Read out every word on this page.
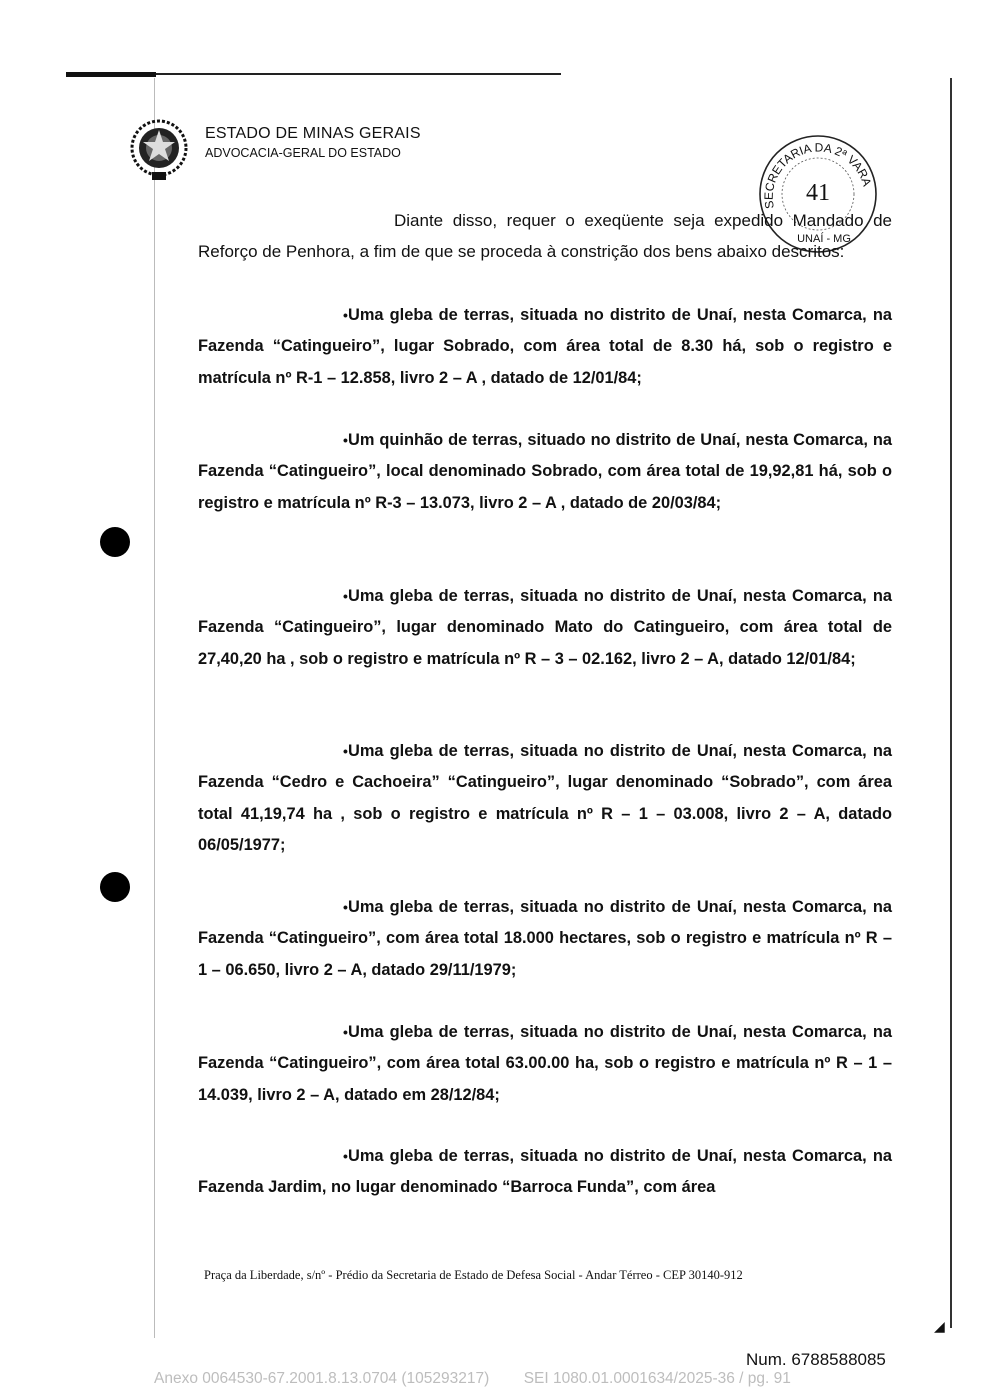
ESTADO DE MINAS GERAIS
ADVOCACIA-GERAL DO ESTADO
SECRETARIA DA 2ª VARA
41
UNAÍ - MG
Diante disso, requer o exeqüente seja expedido Mandado de Reforço de Penhora, a fim de que se proceda à constrição dos bens abaixo descritos:
•Uma gleba de terras, situada no distrito de Unaí, nesta Comarca, na Fazenda “Catingueiro”, lugar Sobrado, com área total de 8.30 há, sob o registro e matrícula nº R-1 – 12.858, livro 2 – A , datado de 12/01/84;
•Um quinhão de terras, situado no distrito de Unaí, nesta Comarca, na Fazenda “Catingueiro”, local denominado Sobrado, com área total de 19,92,81 há, sob o registro e matrícula nº R-3 – 13.073, livro 2 – A , datado de 20/03/84;
•Uma gleba de terras, situada no distrito de Unaí, nesta Comarca, na Fazenda “Catingueiro”, lugar denominado Mato do Catingueiro, com área total de 27,40,20 ha , sob o registro e matrícula nº R – 3 – 02.162, livro 2 – A, datado 12/01/84;
•Uma gleba de terras, situada no distrito de Unaí, nesta Comarca, na Fazenda “Cedro e Cachoeira” “Catingueiro”, lugar denominado “Sobrado”, com área total 41,19,74 ha , sob o registro e matrícula nº R – 1 – 03.008, livro 2 – A, datado 06/05/1977;
•Uma gleba de terras, situada no distrito de Unaí, nesta Comarca, na Fazenda “Catingueiro”, com área total 18.000 hectares, sob o registro e matrícula nº R – 1 – 06.650, livro 2 – A, datado 29/11/1979;
•Uma gleba de terras, situada no distrito de Unaí, nesta Comarca, na Fazenda “Catingueiro”, com área total 63.00.00 ha, sob o registro e matrícula nº R – 1 –14.039, livro 2 – A, datado em 28/12/84;
•Uma gleba de terras, situada no distrito de Unaí, nesta Comarca, na Fazenda Jardim, no lugar denominado “Barroca Funda”, com área
Praça da Liberdade, s/nº - Prédio da Secretaria de Estado de Defesa Social - Andar Térreo - CEP 30140-912
◢
Num. 6788588085
Anexo 0064530-67.2001.8.13.0704 (105293217)        SEI 1080.01.0001634/2025-36 / pg. 91
